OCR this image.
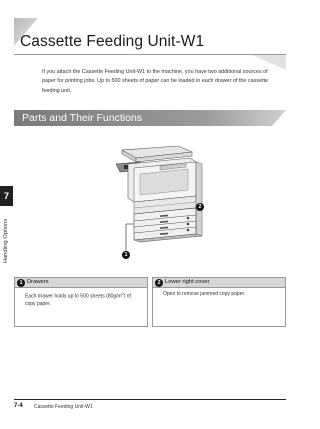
Cassette Feeding Unit-W1

If you attach the Cassette Feeding Unit-W1 to the machine, you have two additional sources of paper for printing jobs. Up to 500 sheets of paper can be loaded in each drawer of the cassette feeding unit.

Parts and Their Functions
7
Handling Options
2
1
1 Drawers

Each drawer holds up to 500 sheets $(80g/m^2)$ of copy paper.

2 Lower right cover

Open to remove jammed copy paper.

7-4 Cassette Feeding Unit-W1
